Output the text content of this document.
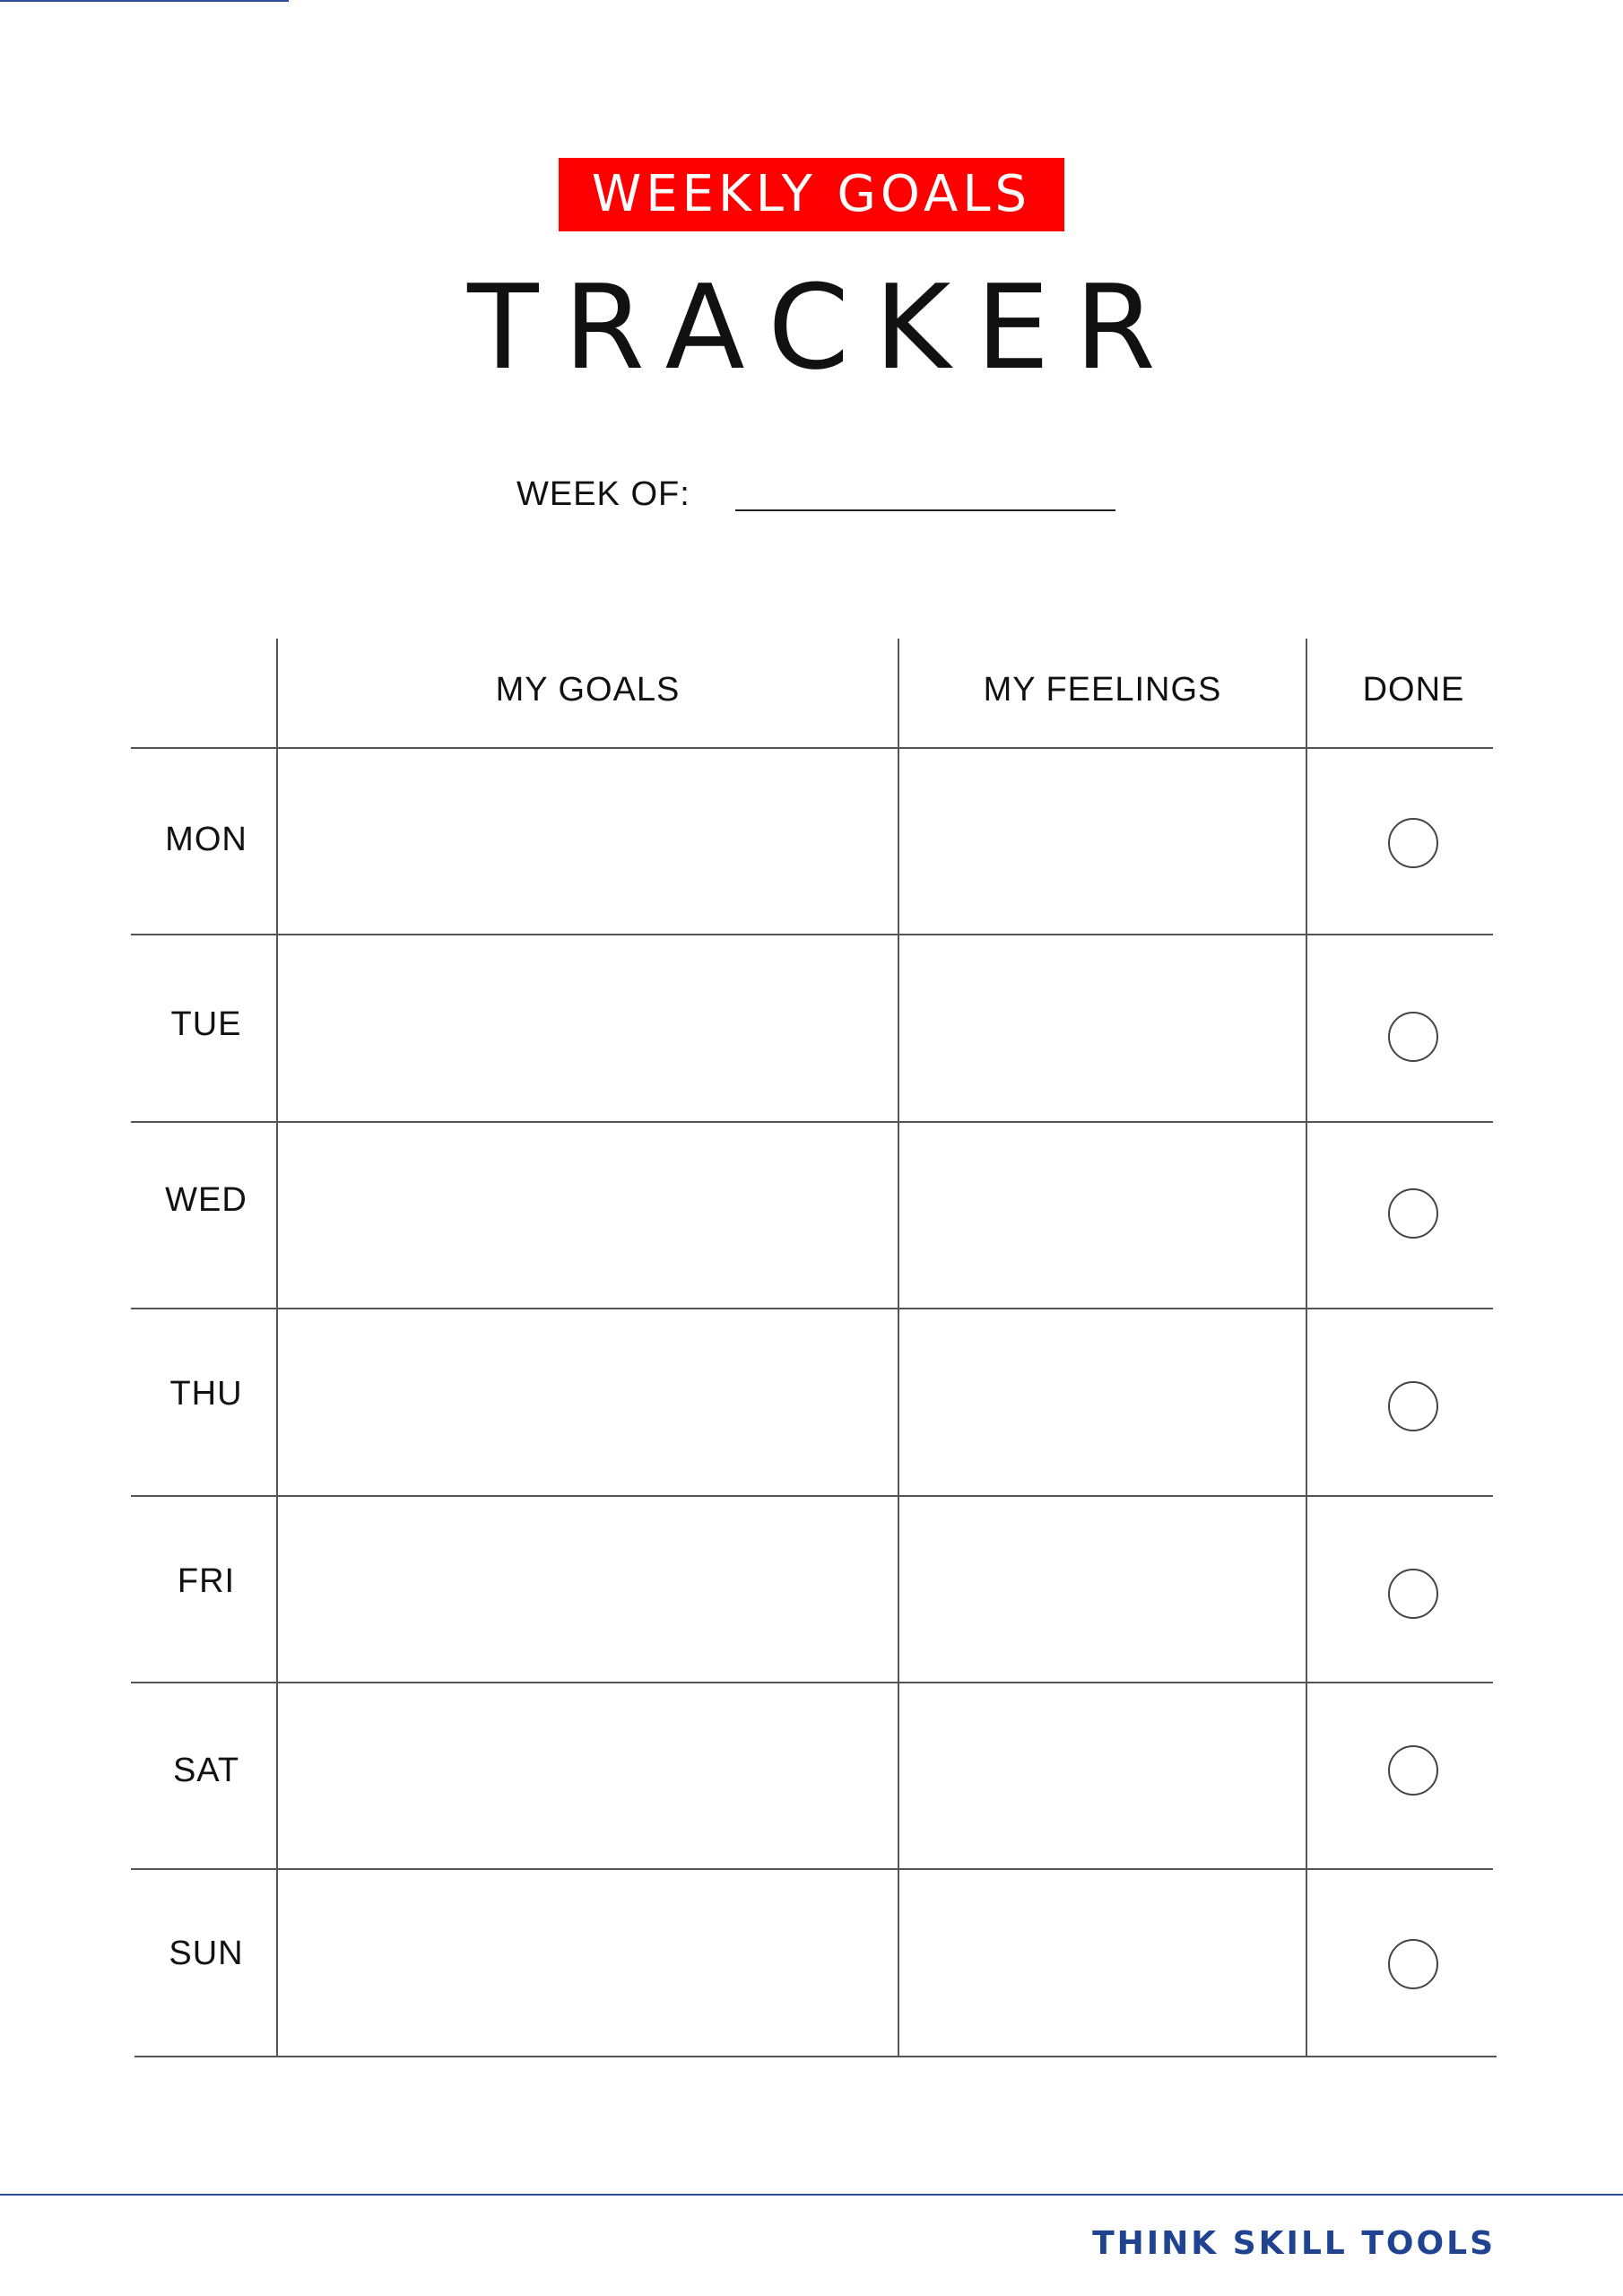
WEEKLY GOALS
TRACKER
WEEK OF:
MY GOALS	MY FEELINGS	DONE
MON
TUE
WED
THU
FRI
SAT
SUN
THINK SKILL TOOLS
